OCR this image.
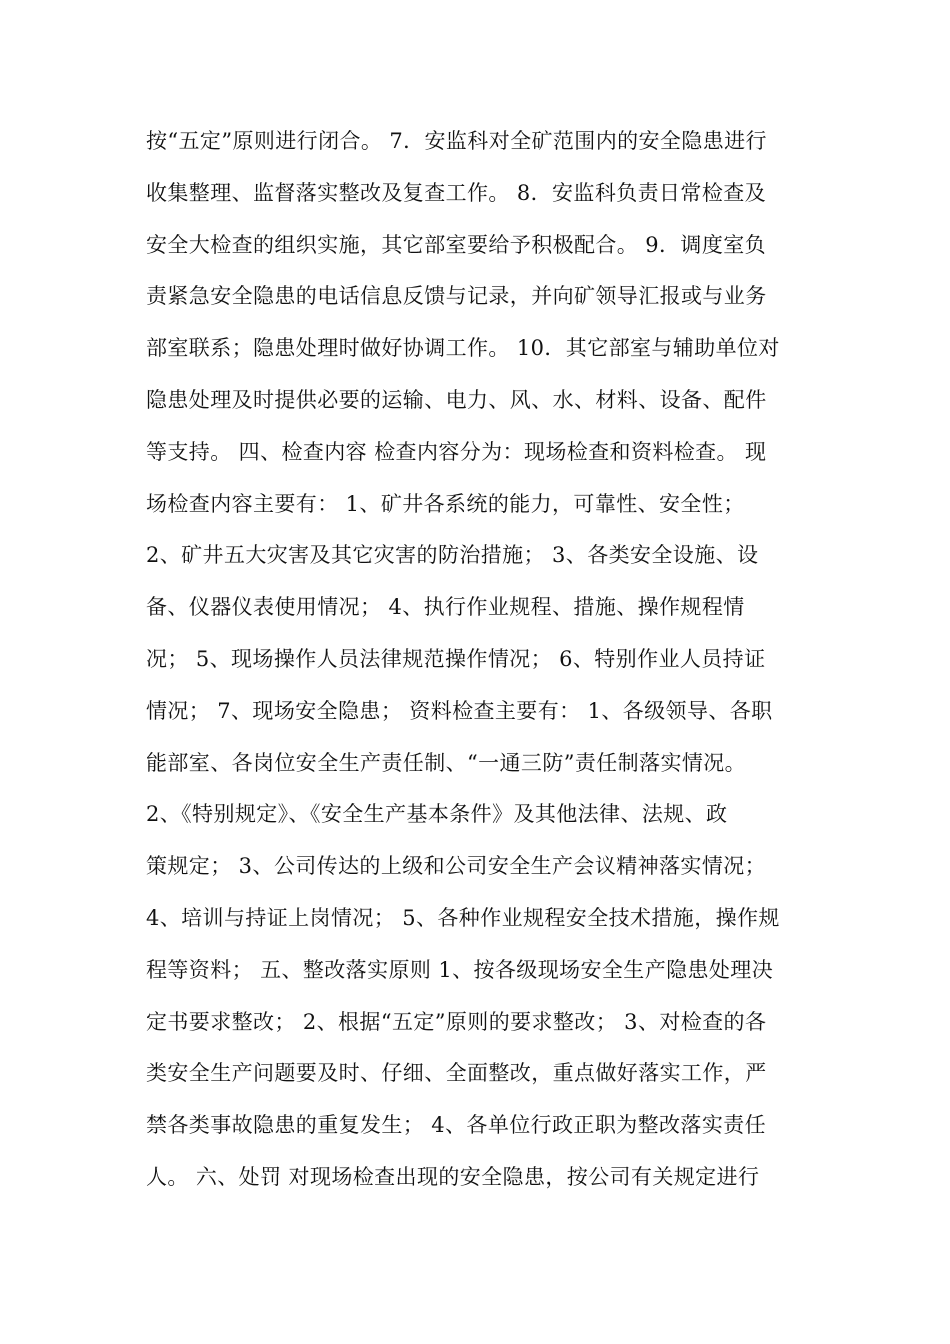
按“五定”原则进行闭合。 7．安监科对全矿范围内的安全隐患进行
收集整理、监督落实整改及复查工作。 8．安监科负责日常检查及
安全大检查的组织实施，其它部室要给予积极配合。 9．调度室负
责紧急安全隐患的电话信息反馈与记录，并向矿领导汇报或与业务
部室联系；隐患处理时做好协调工作。 10．其它部室与辅助单位对
隐患处理及时提供必要的运输、电力、风、水、材料、设备、配件
等支持。 四、检查内容 检查内容分为：现场检查和资料检查。 现
场检查内容主要有： 1、矿井各系统的能力，可靠性、安全性；
2、矿井五大灾害及其它灾害的防治措施； 3、各类安全设施、设
备、仪器仪表使用情况； 4、执行作业规程、措施、操作规程情
况； 5、现场操作人员法律规范操作情况； 6、特别作业人员持证
情况； 7、现场安全隐患； 资料检查主要有： 1、各级领导、各职
能部室、各岗位安全生产责任制、“一通三防”责任制落实情况。
2、《特别规定》、《安全生产基本条件》及其他法律、法规、政
策规定； 3、公司传达的上级和公司安全生产会议精神落实情况；
4、培训与持证上岗情况； 5、各种作业规程安全技术措施，操作规
程等资料； 五、整改落实原则 1、按各级现场安全生产隐患处理决
定书要求整改； 2、根据“五定”原则的要求整改； 3、对检查的各
类安全生产问题要及时、仔细、全面整改，重点做好落实工作，严
禁各类事故隐患的重复发生； 4、各单位行政正职为整改落实责任
人。 六、处罚 对现场检查出现的安全隐患，按公司有关规定进行
